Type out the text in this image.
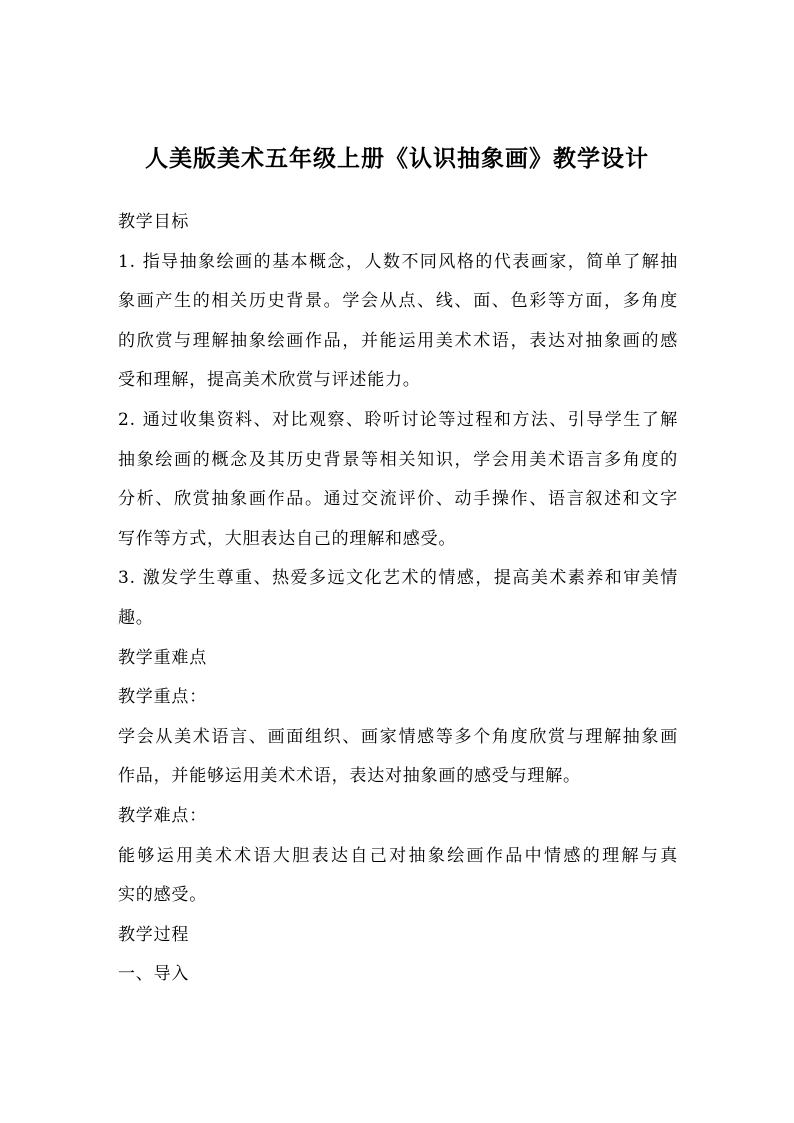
人美版美术五年级上册《认识抽象画》教学设计
教学目标
1. 指导抽象绘画的基本概念，人数不同风格的代表画家，简单了解抽
象画产生的相关历史背景。学会从点、线、面、色彩等方面，多角度
的欣赏与理解抽象绘画作品，并能运用美术术语，表达对抽象画的感
受和理解，提高美术欣赏与评述能力。
2. 通过收集资料、对比观察、聆听讨论等过程和方法、引导学生了解
抽象绘画的概念及其历史背景等相关知识，学会用美术语言多角度的
分析、欣赏抽象画作品。通过交流评价、动手操作、语言叙述和文字
写作等方式，大胆表达自己的理解和感受。
3. 激发学生尊重、热爱多远文化艺术的情感，提高美术素养和审美情
趣。
教学重难点
教学重点：
学会从美术语言、画面组织、画家情感等多个角度欣赏与理解抽象画
作品，并能够运用美术术语，表达对抽象画的感受与理解。
教学难点：
能够运用美术术语大胆表达自己对抽象绘画作品中情感的理解与真
实的感受。
教学过程
一、导入
